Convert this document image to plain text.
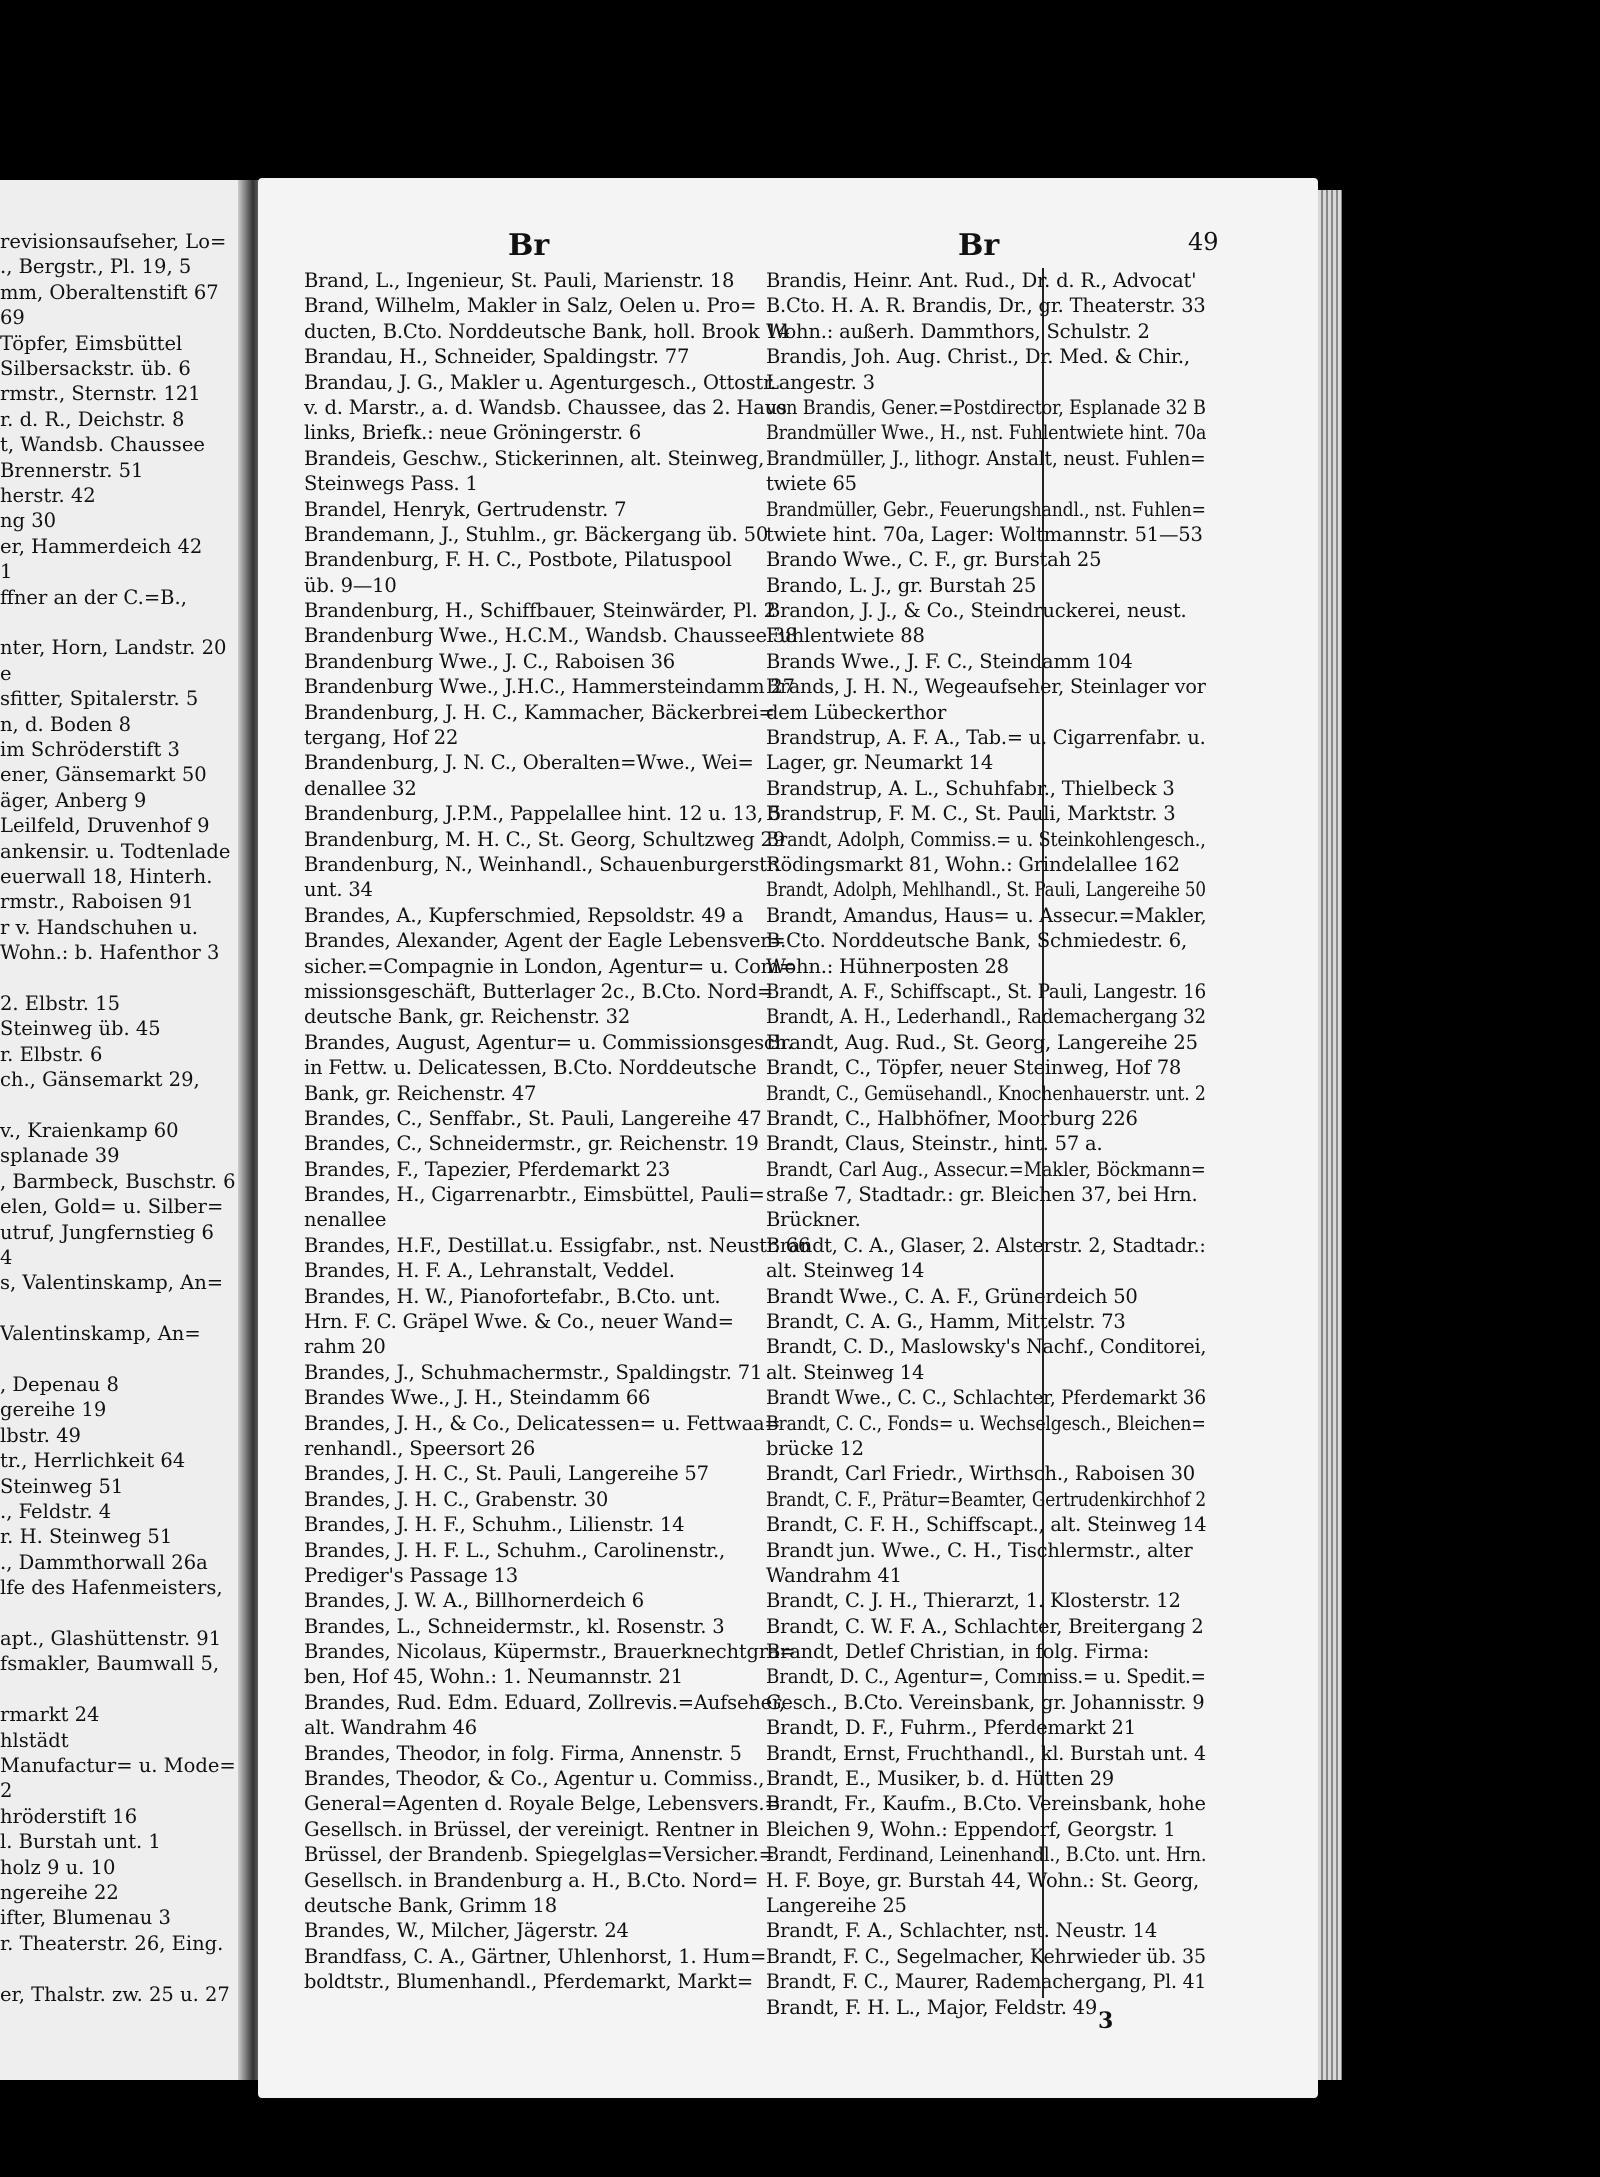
revisionsaufseher, Lo=
., Bergstr., Pl. 19, 5
mm, Oberaltenstift 67
69
Töpfer, Eimsbüttel
Silbersackstr. üb. 6
rmstr., Sternstr. 121
r. d. R., Deichstr. 8
t, Wandsb. Chaussee
Brennerstr. 51
herstr. 42
ng 30
er, Hammerdeich 42
1
ffner an der C.=B.,
nter, Horn, Landstr. 20
e
sfitter, Spitalerstr. 5
n, d. Boden 8
im Schröderstift 3
ener, Gänsemarkt 50
äger, Anberg 9
Leilfeld, Druvenhof 9
ankensir. u. Todtenlade
euerwall 18, Hinterh.
rmstr., Raboisen 91
r v. Handschuhen u.
Wohn.: b. Hafenthor 3
2. Elbstr. 15
Steinweg üb. 45
r. Elbstr. 6
ch., Gänsemarkt 29,
v., Kraienkamp 60
splanade 39
, Barmbeck, Buschstr. 6
elen, Gold= u. Silber=
utruf, Jungfernstieg 6
4
s, Valentinskamp, An=
Valentinskamp, An=
, Depenau 8
gereihe 19
lbstr. 49
tr., Herrlichkeit 64
Steinweg 51
., Feldstr. 4
r. H. Steinweg 51
., Dammthorwall 26a
lfe des Hafenmeisters,
apt., Glashüttenstr. 91
fsmakler, Baumwall 5,
rmarkt 24
hlstädt
Manufactur= u. Mode=
2
hröderstift 16
l. Burstah unt. 1
holz 9 u. 10
ngereihe 22
ifter, Blumenau 3
r. Theaterstr. 26, Eing.
er, Thalstr. zw. 25 u. 27
Br	Br	49
Brand, L., Ingenieur, St. Pauli, Marienstr. 18
Brand, Wilhelm, Makler in Salz, Oelen u. Pro=
ducten, B.Cto. Norddeutsche Bank, holl. Brook 14
Brandau, H., Schneider, Spaldingstr. 77
Brandau, J. G., Makler u. Agenturgesch., Ottostr.
v. d. Marstr., a. d. Wandsb. Chaussee, das 2. Haus
links, Briefk.: neue Gröningerstr. 6
Brandeis, Geschw., Stickerinnen, alt. Steinweg,
Steinwegs Pass. 1
Brandel, Henryk, Gertrudenstr. 7
Brandemann, J., Stuhlm., gr. Bäckergang üb. 50
Brandenburg, F. H. C., Postbote, Pilatuspool
üb. 9—10
Brandenburg, H., Schiffbauer, Steinwärder, Pl. 2
Brandenburg Wwe., H.C.M., Wandsb. Chaussee 38
Brandenburg Wwe., J. C., Raboisen 36
Brandenburg Wwe., J.H.C., Hammersteindamm 27
Brandenburg, J. H. C., Kammacher, Bäckerbrei=
tergang, Hof 22
Brandenburg, J. N. C., Oberalten=Wwe., Wei=
denallee 32
Brandenburg, J.P.M., Pappelallee hint. 12 u. 13, 5
Brandenburg, M. H. C., St. Georg, Schultzweg 29
Brandenburg, N., Weinhandl., Schauenburgerstr.
unt. 34
Brandes, A., Kupferschmied, Repsoldstr. 49 a
Brandes, Alexander, Agent der Eagle Lebensver=
sicher.=Compagnie in London, Agentur= u. Com=
missionsgeschäft, Butterlager 2c., B.Cto. Nord=
deutsche Bank, gr. Reichenstr. 32
Brandes, August, Agentur= u. Commissionsgesch.
in Fettw. u. Delicatessen, B.Cto. Norddeutsche
Bank, gr. Reichenstr. 47
Brandes, C., Senffabr., St. Pauli, Langereihe 47
Brandes, C., Schneidermstr., gr. Reichenstr. 19
Brandes, F., Tapezier, Pferdemarkt 23
Brandes, H., Cigarrenarbtr., Eimsbüttel, Pauli=
nenallee
Brandes, H.F., Destillat.u. Essigfabr., nst. Neustr. 66
Brandes, H. F. A., Lehranstalt, Veddel.
Brandes, H. W., Pianofortefabr., B.Cto. unt.
Hrn. F. C. Gräpel Wwe. & Co., neuer Wand=
rahm 20
Brandes, J., Schuhmachermstr., Spaldingstr. 71
Brandes Wwe., J. H., Steindamm 66
Brandes, J. H., & Co., Delicatessen= u. Fettwaa=
renhandl., Speersort 26
Brandes, J. H. C., St. Pauli, Langereihe 57
Brandes, J. H. C., Grabenstr. 30
Brandes, J. H. F., Schuhm., Lilienstr. 14
Brandes, J. H. F. L., Schuhm., Carolinenstr.,
Prediger's Passage 13
Brandes, J. W. A., Billhornerdeich 6
Brandes, L., Schneidermstr., kl. Rosenstr. 3
Brandes, Nicolaus, Küpermstr., Brauerknechtgra=
ben, Hof 45, Wohn.: 1. Neumannstr. 21
Brandes, Rud. Edm. Eduard, Zollrevis.=Aufseher,
alt. Wandrahm 46
Brandes, Theodor, in folg. Firma, Annenstr. 5
Brandes, Theodor, & Co., Agentur u. Commiss.,
General=Agenten d. Royale Belge, Lebensvers.=
Gesellsch. in Brüssel, der vereinigt. Rentner in
Brüssel, der Brandenb. Spiegelglas=Versicher.=
Gesellsch. in Brandenburg a. H., B.Cto. Nord=
deutsche Bank, Grimm 18
Brandes, W., Milcher, Jägerstr. 24
Brandfass, C. A., Gärtner, Uhlenhorst, 1. Hum=
boldtstr., Blumenhandl., Pferdemarkt, Markt=
Brandis, Heinr. Ant. Rud., Dr. d. R., Advocat'
B.Cto. H. A. R. Brandis, Dr., gr. Theaterstr. 33
Wohn.: außerh. Dammthors, Schulstr. 2
Brandis, Joh. Aug. Christ., Dr. Med. & Chir.,
Langestr. 3
von Brandis, Gener.=Postdirector, Esplanade 32 B
Brandmüller Wwe., H., nst. Fuhlentwiete hint. 70a
Brandmüller, J., lithogr. Anstalt, neust. Fuhlen=
twiete 65
Brandmüller, Gebr., Feuerungshandl., nst. Fuhlen=
twiete hint. 70a, Lager: Woltmannstr. 51—53
Brando Wwe., C. F., gr. Burstah 25
Brando, L. J., gr. Burstah 25
Brandon, J. J., & Co., Steindruckerei, neust.
Fuhlentwiete 88
Brands Wwe., J. F. C., Steindamm 104
Brands, J. H. N., Wegeaufseher, Steinlager vor
dem Lübeckerthor
Brandstrup, A. F. A., Tab.= u. Cigarrenfabr. u.
Lager, gr. Neumarkt 14
Brandstrup, A. L., Schuhfabr., Thielbeck 3
Brandstrup, F. M. C., St. Pauli, Marktstr. 3
Brandt, Adolph, Commiss.= u. Steinkohlengesch.,
Rödingsmarkt 81, Wohn.: Grindelallee 162
Brandt, Adolph, Mehlhandl., St. Pauli, Langereihe 50
Brandt, Amandus, Haus= u. Assecur.=Makler,
B.Cto. Norddeutsche Bank, Schmiedestr. 6,
Wohn.: Hühnerposten 28
Brandt, A. F., Schiffscapt., St. Pauli, Langestr. 16
Brandt, A. H., Lederhandl., Rademachergang 32
Brandt, Aug. Rud., St. Georg, Langereihe 25
Brandt, C., Töpfer, neuer Steinweg, Hof 78
Brandt, C., Gemüsehandl., Knochenhauerstr. unt. 2
Brandt, C., Halbhöfner, Moorburg 226
Brandt, Claus, Steinstr., hint. 57 a.
Brandt, Carl Aug., Assecur.=Makler, Böckmann=
straße 7, Stadtadr.: gr. Bleichen 37, bei Hrn.
Brückner.
Brandt, C. A., Glaser, 2. Alsterstr. 2, Stadtadr.:
alt. Steinweg 14
Brandt Wwe., C. A. F., Grünerdeich 50
Brandt, C. A. G., Hamm, Mittelstr. 73
Brandt, C. D., Maslowsky's Nachf., Conditorei,
alt. Steinweg 14
Brandt Wwe., C. C., Schlachter, Pferdemarkt 36
Brandt, C. C., Fonds= u. Wechselgesch., Bleichen=
brücke 12
Brandt, Carl Friedr., Wirthsch., Raboisen 30
Brandt, C. F., Prätur=Beamter, Gertrudenkirchhof 2
Brandt, C. F. H., Schiffscapt., alt. Steinweg 14
Brandt jun. Wwe., C. H., Tischlermstr., alter
Wandrahm 41
Brandt, C. J. H., Thierarzt, 1. Klosterstr. 12
Brandt, C. W. F. A., Schlachter, Breitergang 2
Brandt, Detlef Christian, in folg. Firma:
Brandt, D. C., Agentur=, Commiss.= u. Spedit.=
Gesch., B.Cto. Vereinsbank, gr. Johannisstr. 9
Brandt, D. F., Fuhrm., Pferdemarkt 21
Brandt, Ernst, Fruchthandl., kl. Burstah unt. 4
Brandt, E., Musiker, b. d. Hütten 29
Brandt, Fr., Kaufm., B.Cto. Vereinsbank, hohe
Bleichen 9, Wohn.: Eppendorf, Georgstr. 1
Brandt, Ferdinand, Leinenhandl., B.Cto. unt. Hrn.
H. F. Boye, gr. Burstah 44, Wohn.: St. Georg,
Langereihe 25
Brandt, F. A., Schlachter, nst. Neustr. 14
Brandt, F. C., Segelmacher, Kehrwieder üb. 35
Brandt, F. C., Maurer, Rademachergang, Pl. 41
Brandt, F. H. L., Major, Feldstr. 49
3
